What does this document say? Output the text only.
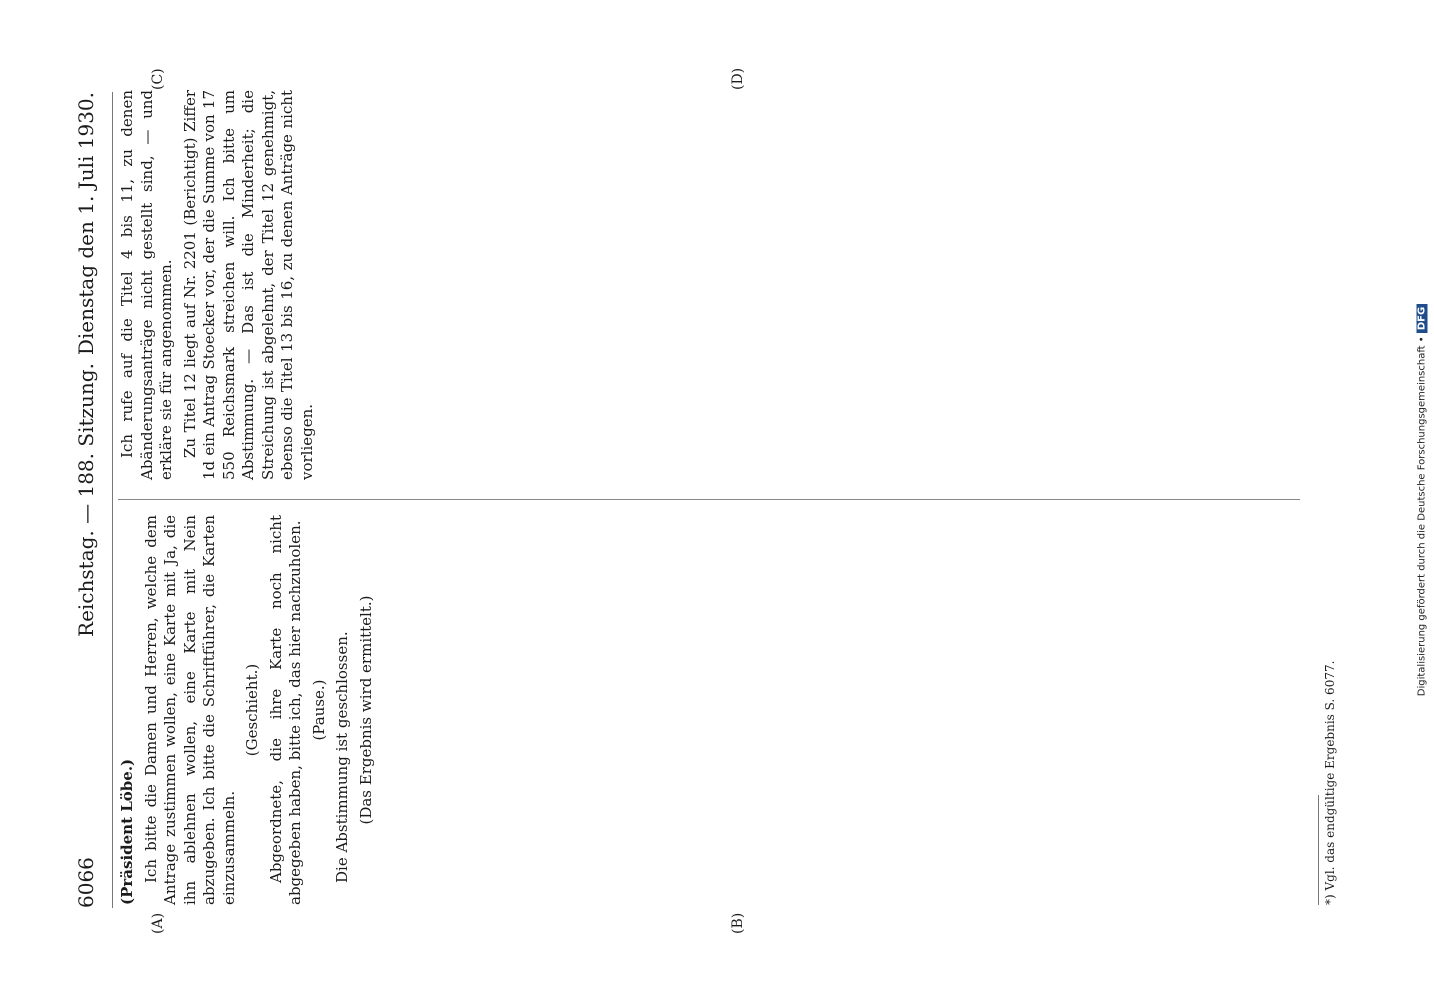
6066
Reichstag. — 188. Sitzung.
Dienstag den 1. Juli 1930.
(A)	(B)
(C)	(D)

(Präsident Löbe.) Ich bitte die Damen und Herren, welche dem Antrage zustimmen wollen, eine Karte mit Ja, die ihn ablehnen wollen, eine Karte mit Nein abzugeben. Ich bitte die Schriftführer, die Karten einzusammeln.

(Geschieht.) Abgeordnete, die ihre Karte noch nicht abgegeben haben, bitte ich, das hier nachzuholen. (Pause.) Die Abstimmung ist geschlossen. (Das Ergebnis wird ermittelt.)

Ich rufe auf die Titel 4 bis 11, zu denen Abänderungsanträge nicht gestellt sind, — und erkläre sie für angenommen. Zu Titel 12 liegt auf Nr. 2201 (Berichtigt) Ziffer 1d ein Antrag Stoecker vor, der die Summe von 17 550 Reichsmark streichen will. Ich bitte um Abstimmung. — Das ist die Minderheit; die Streichung ist abgelehnt, der Titel 12 genehmigt, ebenso die Titel 13 bis 16, zu denen Anträge nicht vorliegen.

*) Vgl. das endgültige Ergebnis S. 6077.
Digitalisierung gefördert durch die Deutsche Forschungsgemeinschaft • DFG
